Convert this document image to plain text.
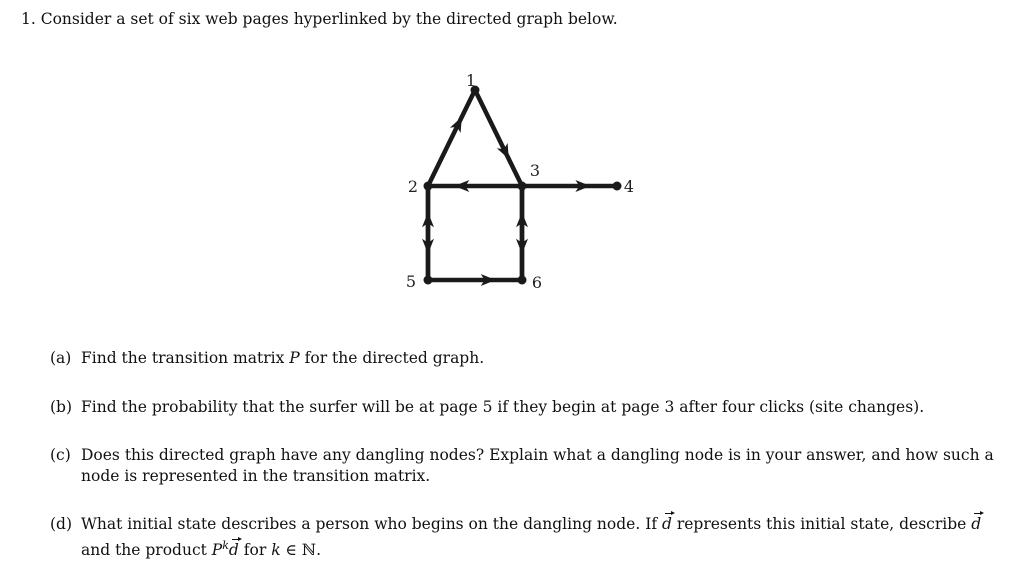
1. Consider a set of six web pages hyperlinked by the directed graph below.
1
2
3
4
5	6
(a) Find the transition matrix P for the directed graph.
(b) Find the probability that the surfer will be at page 5 if they begin at page 3 after four clicks (site changes).
(c) Does this directed graph have any dangling nodes? Explain what a dangling node is in your answer, and how such a node is represented in the transition matrix.
(d) What initial state describes a person who begins on the dangling node. If d represents this initial state, describe d and the product $P^kd$ for k ∈ ℕ.
